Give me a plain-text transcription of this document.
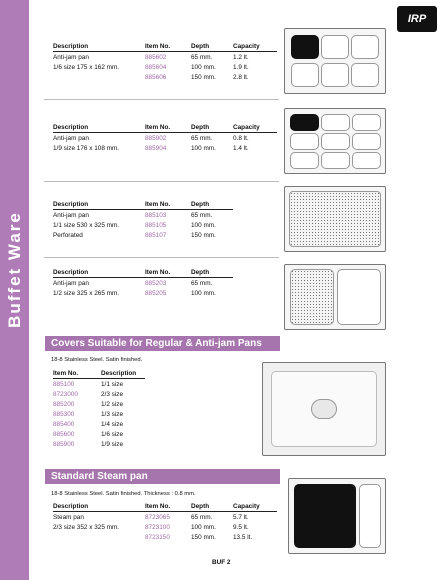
Buffet Ware
IRP
Description	Item No.	Depth	Capacity
Anti-jam pan	885602	65 mm.	1.2 lt.
1/6 size 175 x 162 mm.	885604	100 mm.	1.9 lt.
	885606	150 mm.	2.8 lt.
Description	Item No.	Depth	Capacity
Anti-jam pan	885902	65 mm.	0.8 lt.
1/9 size 176 x 108 mm.	885904	100 mm.	1.4 lt.
Description	Item No.	Depth
Anti-jam pan	885103	65 mm.
1/1 size 530 x 325 mm.	885105	100 mm.
Perforated	885107	150 mm.
Description	Item No.	Depth
Anti-jam pan	885203	65 mm.
1/2 size 325 x 265 mm.	885205	100 mm.
Covers Suitable for Regular & Anti-jam Pans
18-8 Stainless Steel. Satin finished.
Item No.	Description
885100	1/1 size
8723000	2/3 size
885200	1/2 size
885300	1/3 size
885400	1/4 size
885600	1/6 size
885900	1/9 size
Standard Steam pan
18-8 Stainless Steel. Satin finished. Thickness : 0.8 mm.
Description	Item No.	Depth	Capacity
Steam pan	8723065	65 mm.	5.7 lt.
2/3 size 352 x 325 mm.	8723100	100 mm.	9.5 lt.
	8723150	150 mm.	13.5 lt.
BUF 2
